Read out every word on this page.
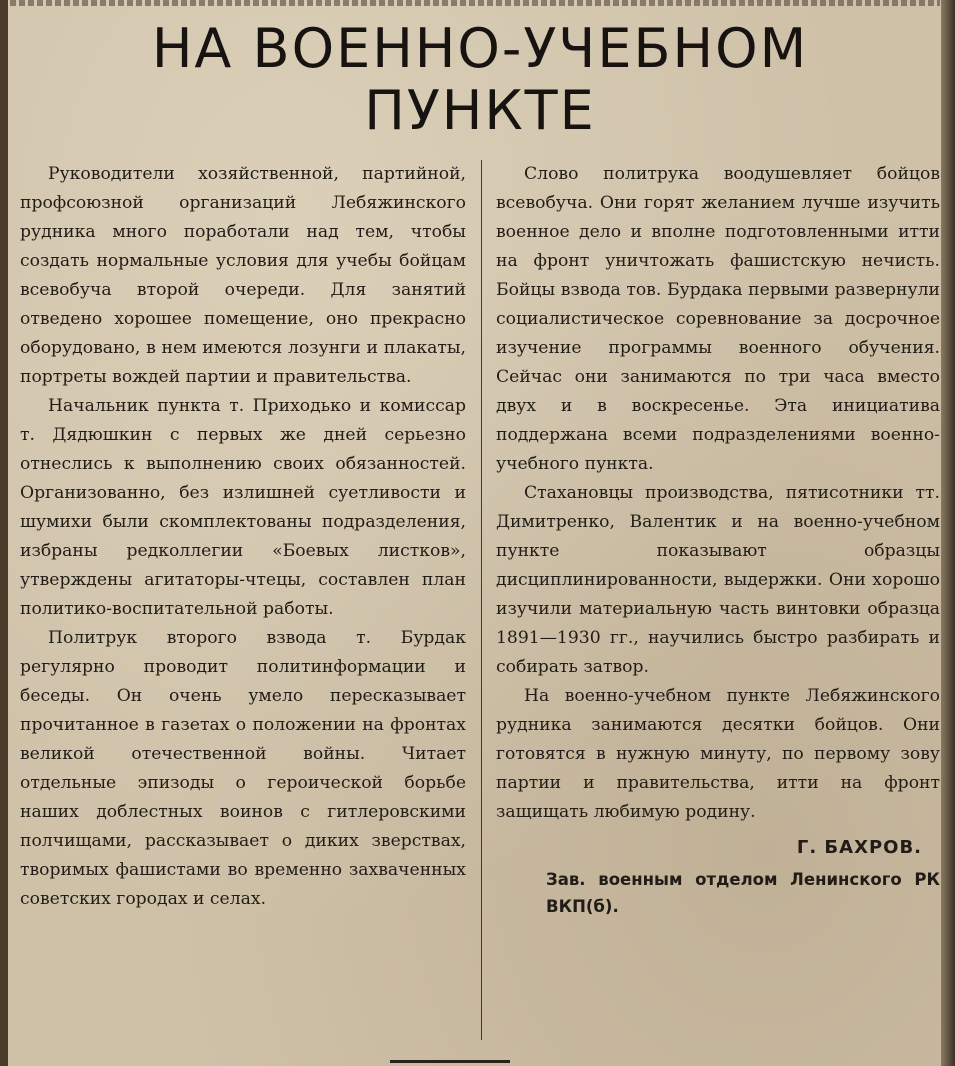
НА ВОЕННО-УЧЕБНОМ
ПУНКТЕ

Руководители хозяйственной, партийной, профсоюзной организаций Лебяжинского рудника много поработали над тем, чтобы создать нормальные условия для учебы бойцам всевобуча второй очереди. Для занятий отведено хорошее помещение, оно прекрасно оборудовано, в нем имеются лозунги и плакаты, портреты вождей партии и правительства.

Начальник пункта т. Приходько и комиссар т. Дядюшкин с первых же дней серьезно отнеслись к выполнению своих обязанностей. Организованно, без излишней суетливости и шумихи были скомплектованы подразделения, избраны редколлегии «Боевых листков», утверждены агитаторы-чтецы, составлен план политико-воспитательной работы.

Политрук второго взвода т. Бурдак регулярно проводит политинформации и беседы. Он очень умело пересказывает прочитанное в газетах о положении на фронтах великой отечественной войны. Читает отдельные эпизоды о героической борьбе наших доблестных воинов с гитлеровскими полчищами, рассказывает о диких зверствах, творимых фашистами во временно захваченных советских городах и селах.

Слово политрука воодушевляет бойцов всевобуча. Они горят желанием лучше изучить военное дело и вполне подготовленными итти на фронт уничтожать фашистскую нечисть. Бойцы взвода тов. Бурдака первыми развернули социалистическое соревнование за досрочное изучение программы военного обучения. Сейчас они занимаются по три часа вместо двух и в воскресенье. Эта инициатива поддержана всеми подразделениями военно-учебного пункта.

Стахановцы производства, пятисотники тт. Димитренко, Валентик и на военно-учебном пункте показывают образцы дисциплинированности, выдержки. Они хорошо изучили материальную часть винтовки образца 1891—1930 гг., научились быстро разбирать и собирать затвор.

На военно-учебном пункте Лебяжинского рудника занимаются десятки бойцов. Они готовятся в нужную минуту, по первому зову партии и правительства, итти на фронт защищать любимую родину.

Г. БАХРОВ.
Зав. военным отделом Ленинского РК ВКП(б).
